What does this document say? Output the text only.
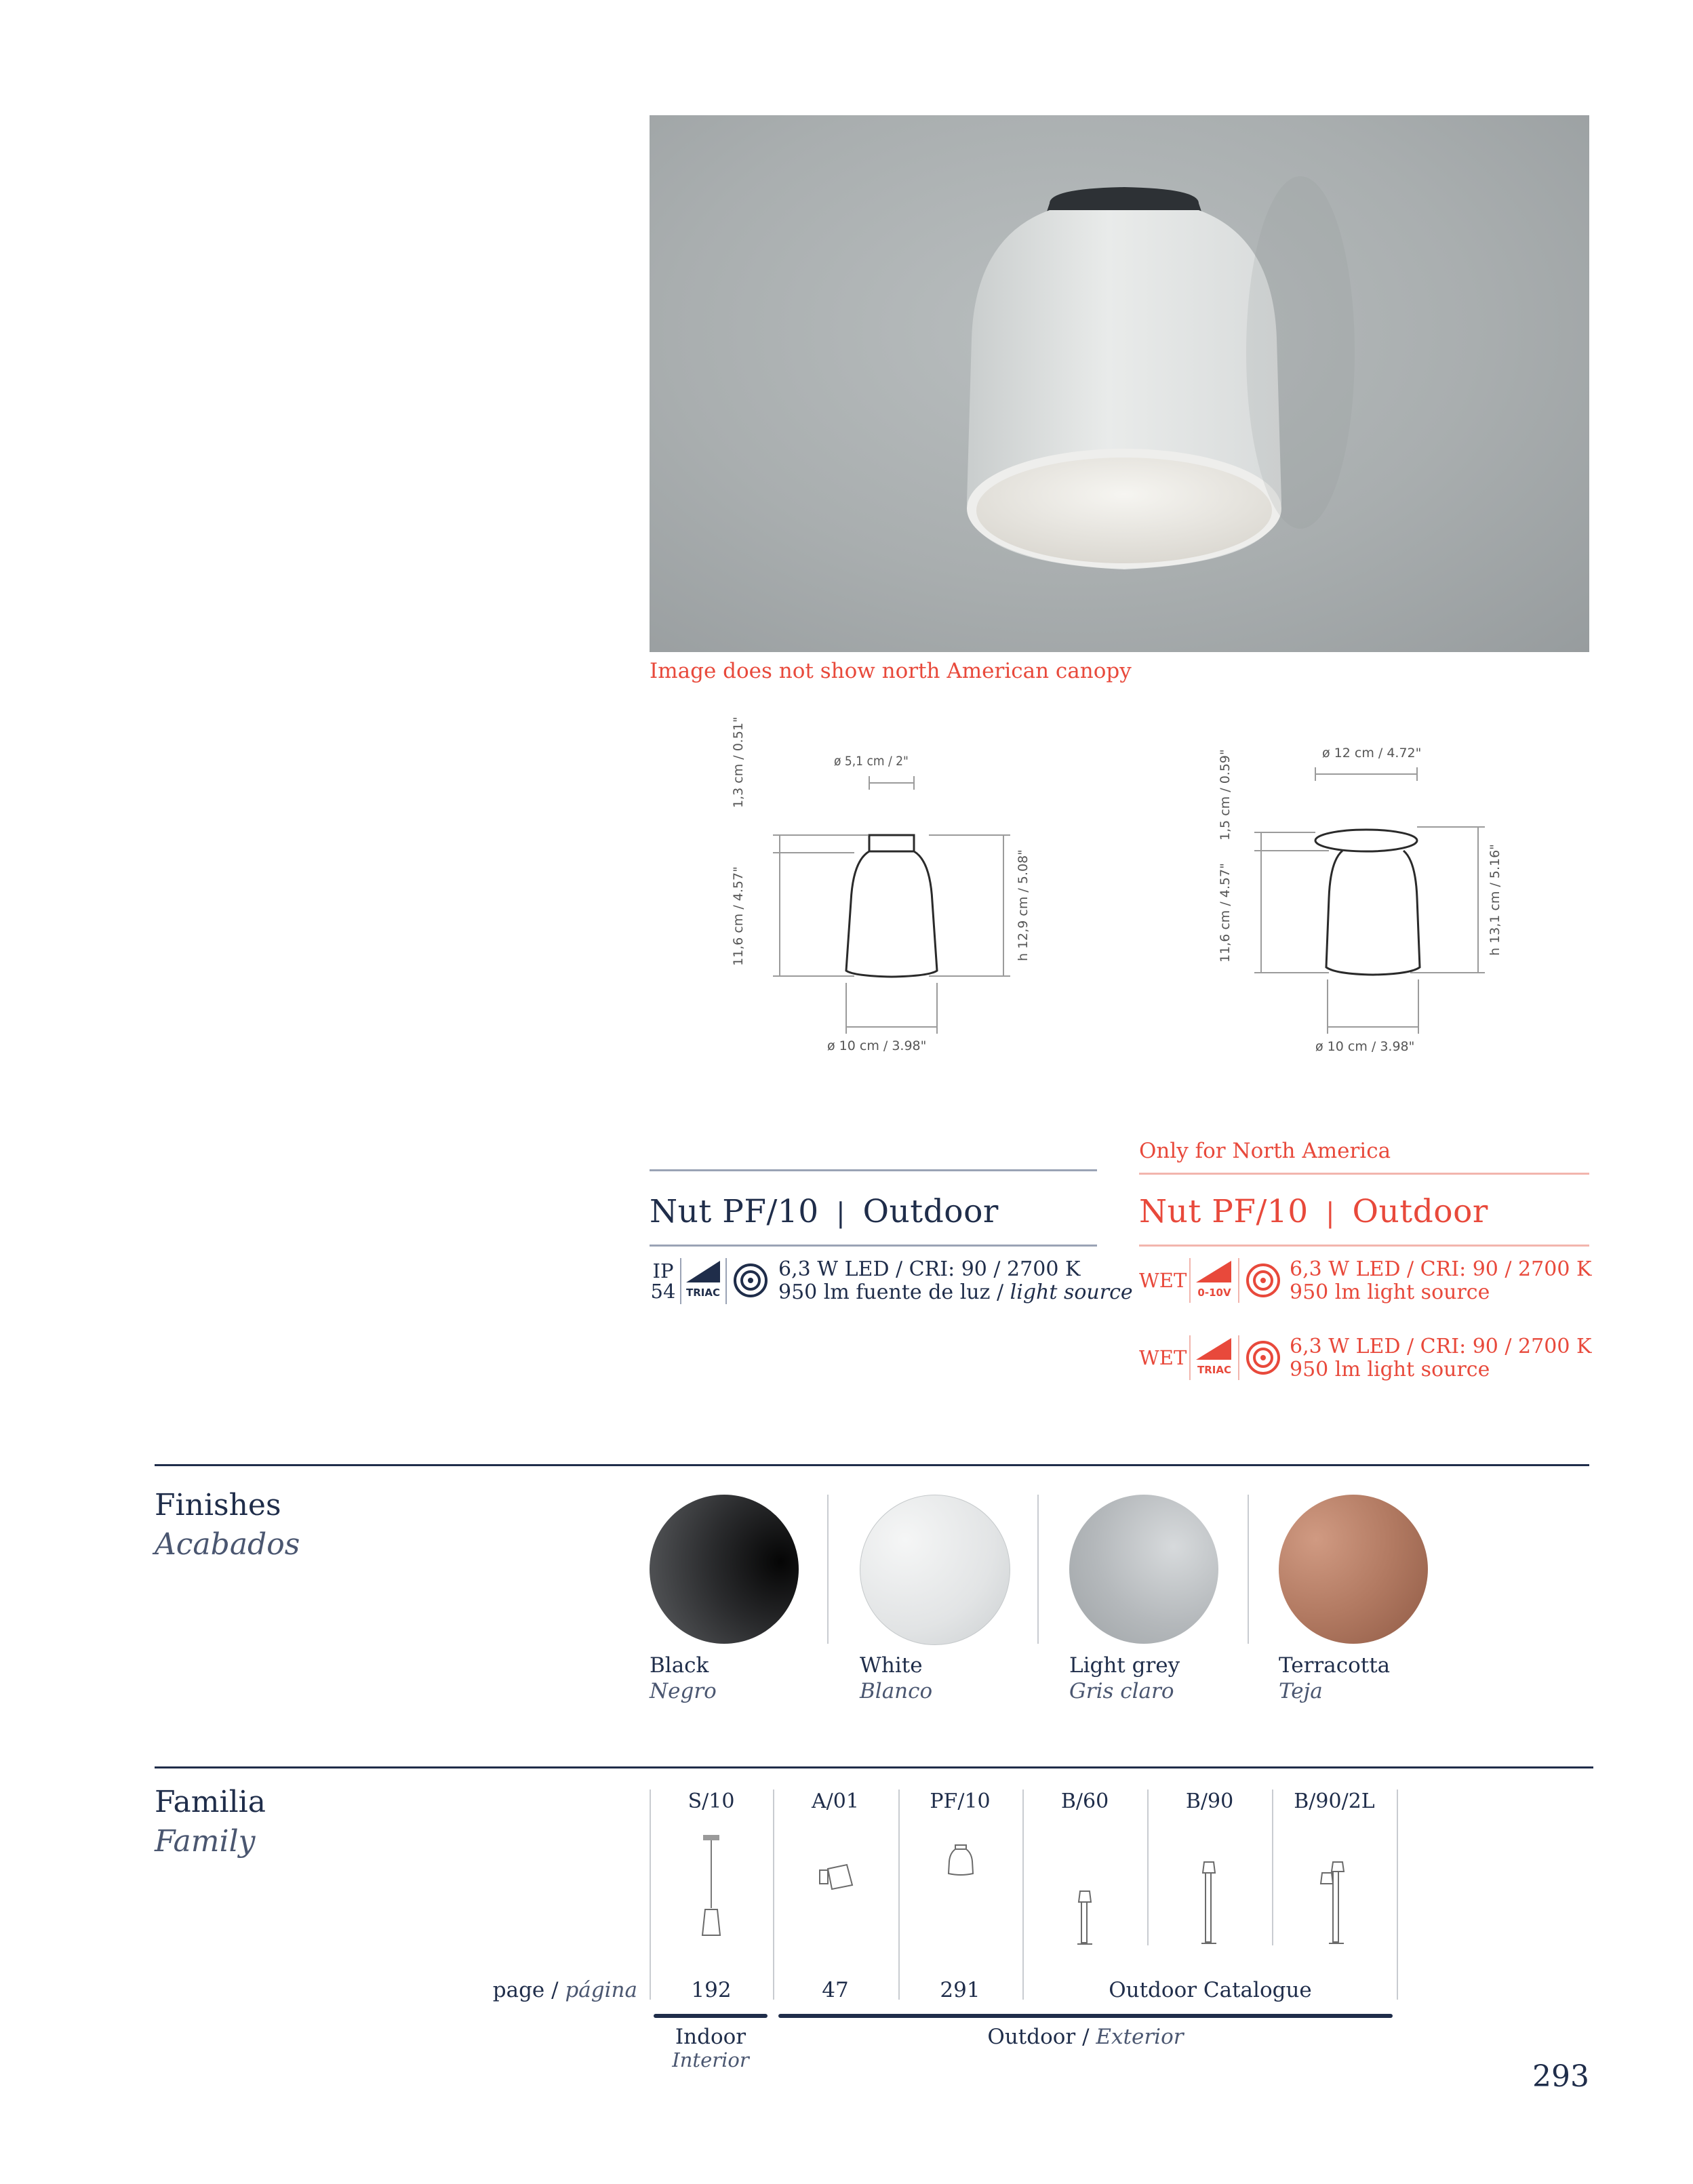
Image does not show north American canopy
ø 5,1 cm / 2"
ø 10 cm / 3.98"
1,3 cm / 0.51"
11,6 cm / 4.57"	h 12,9 cm / 5.08"
ø 12 cm / 4.72"
ø 10 cm / 3.98"
1,5 cm / 0.59"
11,6 cm / 4.57"	h 13,1 cm / 5.16"
Only for North America
Nut PF/10 | Outdoor	Nut PF/10 | Outdoor
IP
54 TRIAC
6,3 W LED / CRI: 90 / 2700 K
950 lm fuente de luz / light source WET
0-10V
6,3 W LED / CRI: 90 / 2700 K
950 lm light source
WET
TRIAC
6,3 W LED / CRI: 90 / 2700 K
950 lm light source
Finishes
Acabados
Black
Negro
White
Blanco
Light grey
Gris claro
Terracotta
Teja
Familia
Family
S/10	A/01	PF/10	B/60	B/90	B/90/2L
page / página	192	47	291	Outdoor Catalogue
Indoor
Interior
Outdoor / Exterior
293
